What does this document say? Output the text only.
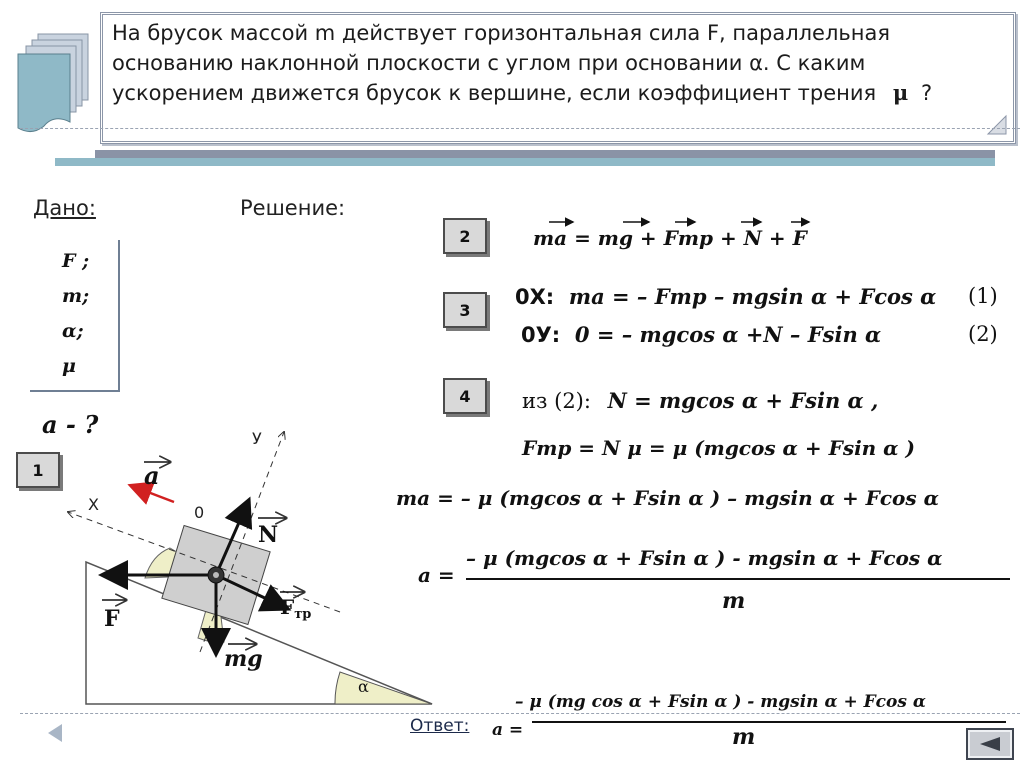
На брусок массой m действует горизонтальная сила F, параллельная
основанию наклонной плоскости с углом при основании α. С каким
ускорением движется брусок к вершине, если коэффициент трения μ ?
Дано:
F ;
m;
α;
μ
a - ?
Решение:
1
2
3
4
ma = mg + Fтр + N + F
0X: ma = – Fтр – mgsin α + Fcos α (1)
0У: 0 = – mgcos α +N – Fsin α	(2)
из (2): N = mgcos α + Fsin α ,
Fтр = N μ = μ (mgcos α + Fsin α )
ma = – μ (mgcos α + Fsin α ) – mgsin α + Fcos α
a =
– μ (mgcos α + Fsin α ) - mgsin α + Fcos α
m
Ответ: a =
– μ (mg cos α + Fsin α ) - mgsin α + Fcos α
m
У
Х	0
a
N
F	$F_{тр}$
mg
α
